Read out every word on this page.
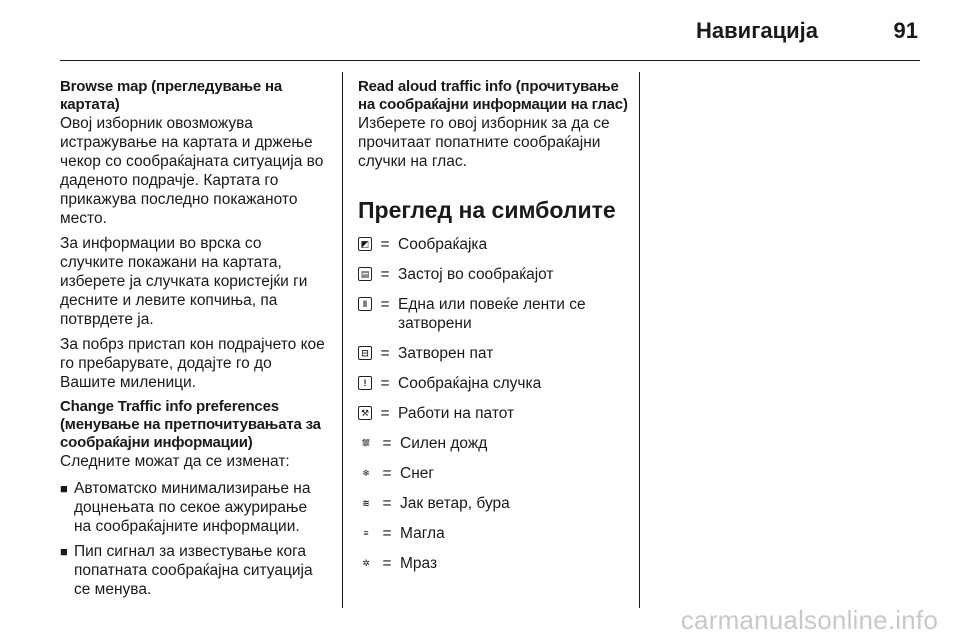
Навигација	91
Browse map (прегледување на картата)

Овој изборник овозможува истражување на картата и држење чекор со сообраќајната ситуација во даденото подрачје. Картата го прикажува последно покажаното место.

За информации во врска со случките покажани на картата, изберете ја случката користејќи ги десните и левите копчиња, па потврдете ја.

За побрз пристап кон подрајчето кое го пребарувате, додајте го до Вашите миленици.

Change Traffic info preferences (менување на претпочитувањата за сообраќајни информации)

Следните можат да се изменат:

■ Автоматско минимализирање на доцнењата по секое ажурирање на сообраќајните информации.
■ Пип сигнал за известување кога попатната сообраќајна ситуација се менува.
Read aloud traffic info (прочитување на сообраќајни информации на глас)

Изберете го овој изборник за да се прочитаат попатните сообраќајни случки на глас.

Преглед на симболите
◩ = Сообраќајка
▤ = Застој во сообраќајот
‖ = Една или повеќе ленти се затворени
⊟ = Затворен пат
! = Сообраќајна случка
⚒ = Работи на патот
⛆ = Силен дожд
❄ = Снег
≋ = Јак ветар, бура
≡ = Магла
✲ = Мраз
carmanualsonline.info
